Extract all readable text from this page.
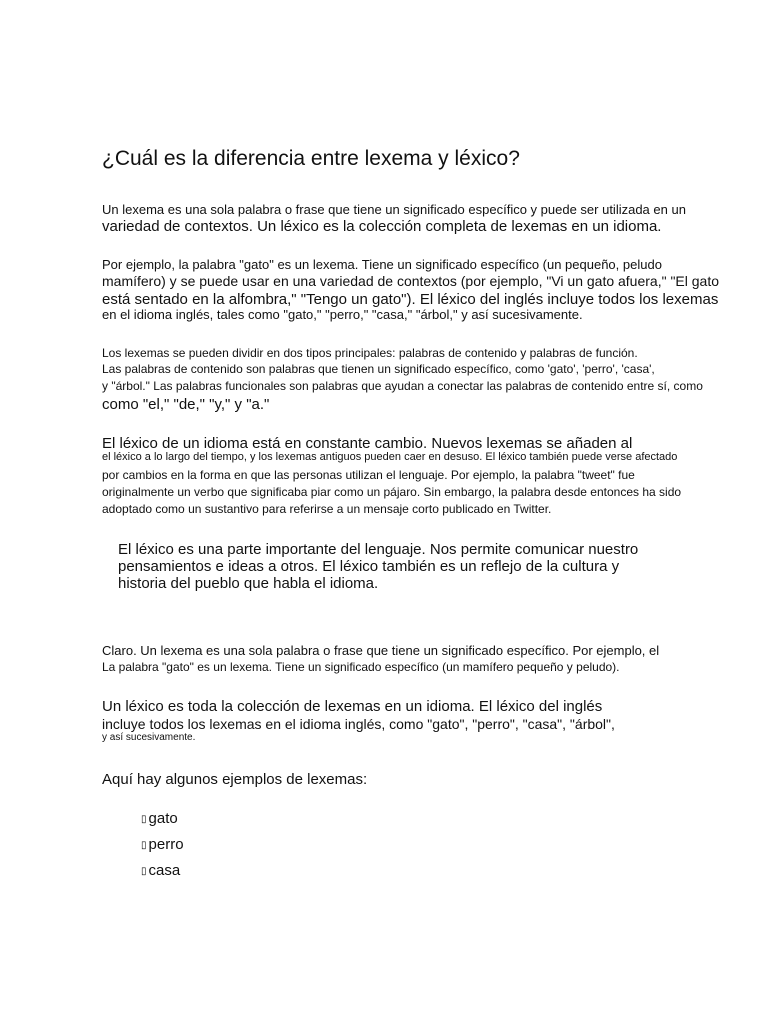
¿Cuál es la diferencia entre lexema y léxico?
Un lexema es una sola palabra o frase que tiene un significado específico y puede ser utilizada en un
variedad de contextos. Un léxico es la colección completa de lexemas en un idioma.
Por ejemplo, la palabra "gato" es un lexema. Tiene un significado específico (un pequeño, peludo
mamífero) y se puede usar en una variedad de contextos (por ejemplo, "Vi un gato afuera," "El gato
está sentado en la alfombra," "Tengo un gato"). El léxico del inglés incluye todos los lexemas
en el idioma inglés, tales como "gato," "perro," "casa," "árbol," y así sucesivamente.
Los lexemas se pueden dividir en dos tipos principales: palabras de contenido y palabras de función.
Las palabras de contenido son palabras que tienen un significado específico, como 'gato', 'perro', 'casa',
y "árbol." Las palabras funcionales son palabras que ayudan a conectar las palabras de contenido entre sí, como
como "el," "de," "y," y "a."
El léxico de un idioma está en constante cambio. Nuevos lexemas se añaden al
el léxico a lo largo del tiempo, y los lexemas antiguos pueden caer en desuso. El léxico también puede verse afectado
por cambios en la forma en que las personas utilizan el lenguaje. Por ejemplo, la palabra "tweet" fue
originalmente un verbo que significaba piar como un pájaro. Sin embargo, la palabra desde entonces ha sido
adoptado como un sustantivo para referirse a un mensaje corto publicado en Twitter.
El léxico es una parte importante del lenguaje. Nos permite comunicar nuestro
pensamientos e ideas a otros. El léxico también es un reflejo de la cultura y
historia del pueblo que habla el idioma.
Claro. Un lexema es una sola palabra o frase que tiene un significado específico. Por ejemplo, el
La palabra "gato" es un lexema. Tiene un significado específico (un mamífero pequeño y peludo).
Un léxico es toda la colección de lexemas en un idioma. El léxico del inglés
incluye todos los lexemas en el idioma inglés, como "gato", "perro", "casa", "árbol",
y así sucesivamente.
Aquí hay algunos ejemplos de lexemas:
▯ gato
▯ perro
▯ casa
